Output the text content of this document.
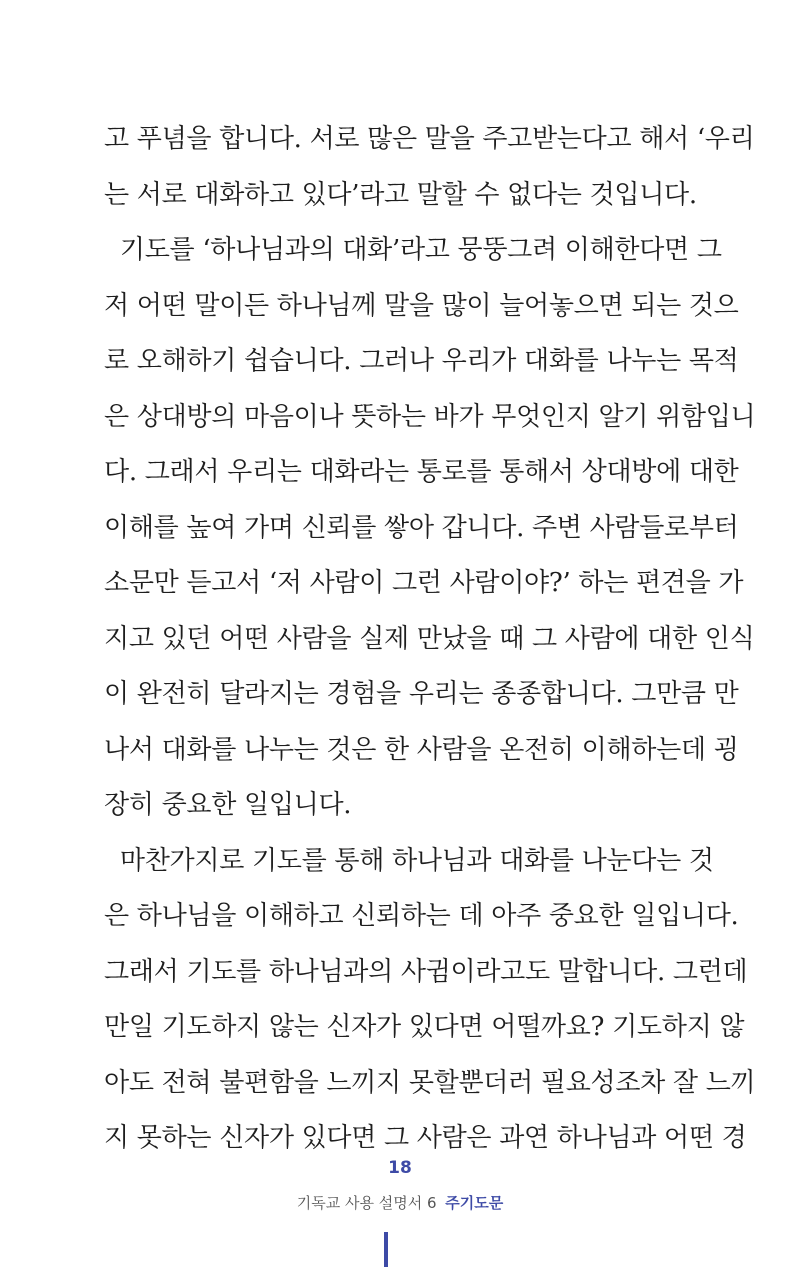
고 푸념을 합니다. 서로 많은 말을 주고받는다고 해서 ‘우리
는 서로 대화하고 있다’라고 말할 수 없다는 것입니다.
기도를 ‘하나님과의 대화’라고 뭉뚱그려 이해한다면 그
저 어떤 말이든 하나님께 말을 많이 늘어놓으면 되는 것으
로 오해하기 쉽습니다. 그러나 우리가 대화를 나누는 목적
은 상대방의 마음이나 뜻하는 바가 무엇인지 알기 위함입니
다. 그래서 우리는 대화라는 통로를 통해서 상대방에 대한
이해를 높여 가며 신뢰를 쌓아 갑니다. 주변 사람들로부터
소문만 듣고서 ‘저 사람이 그런 사람이야?’ 하는 편견을 가
지고 있던 어떤 사람을 실제 만났을 때 그 사람에 대한 인식
이 완전히 달라지는 경험을 우리는 종종합니다. 그만큼 만
나서 대화를 나누는 것은 한 사람을 온전히 이해하는데 굉
장히 중요한 일입니다.
마찬가지로 기도를 통해 하나님과 대화를 나눈다는 것
은 하나님을 이해하고 신뢰하는 데 아주 중요한 일입니다.
그래서 기도를 하나님과의 사귐이라고도 말합니다. 그런데
만일 기도하지 않는 신자가 있다면 어떨까요? 기도하지 않
아도 전혀 불편함을 느끼지 못할뿐더러 필요성조차 잘 느끼
지 못하는 신자가 있다면 그 사람은 과연 하나님과 어떤 경
18
기독교 사용 설명서 6 주기도문
